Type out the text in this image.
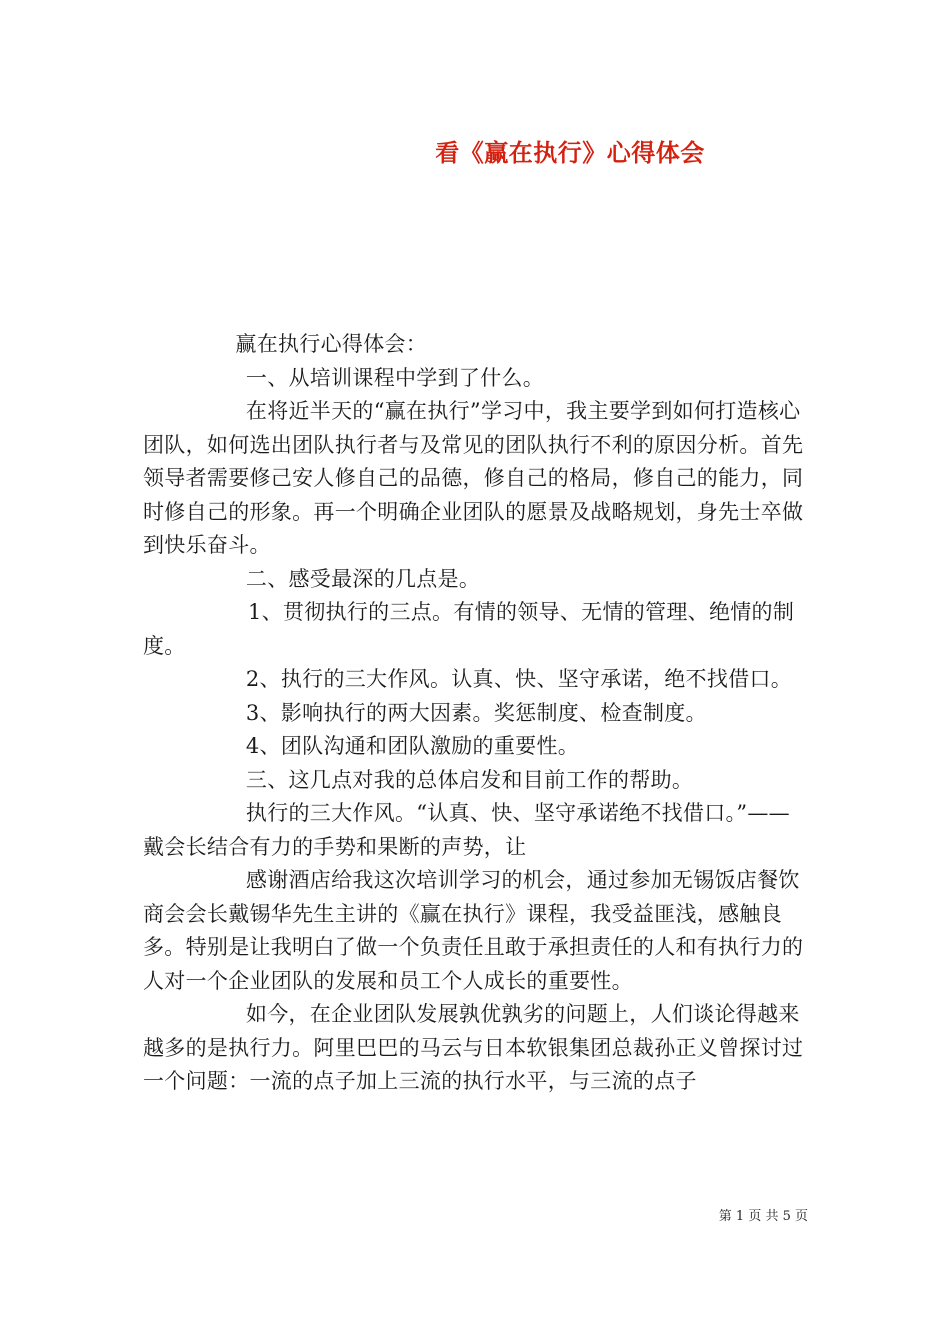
看《赢在执行》心得体会

赢在执行心得体会：

一、从培训课程中学到了什么。

在将近半天的“赢在执行”学习中，我主要学到如何打造核心团队，如何选出团队执行者与及常见的团队执行不利的原因分析。首先领导者需要修己安人修自己的品德，修自己的格局，修自己的能力，同时修自己的形象。再一个明确企业团队的愿景及战略规划，身先士卒做到快乐奋斗。

二、感受最深的几点是。

1、贯彻执行的三点。有情的领导、无情的管理、绝情的制度。

2、执行的三大作风。认真、快、坚守承诺，绝不找借口。

3、影响执行的两大因素。奖惩制度、检查制度。

4、团队沟通和团队激励的重要性。

三、这几点对我的总体启发和目前工作的帮助。

执行的三大作风。“认真、快、坚守承诺绝不找借口。”——戴会长结合有力的手势和果断的声势，让

感谢酒店给我这次培训学习的机会，通过参加无锡饭店餐饮商会会长戴锡华先生主讲的《赢在执行》课程，我受益匪浅，感触良多。特别是让我明白了做一个负责任且敢于承担责任的人和有执行力的人对一个企业团队的发展和员工个人成长的重要性。

如今，在企业团队发展孰优孰劣的问题上，人们谈论得越来越多的是执行力。阿里巴巴的马云与日本软银集团总裁孙正义曾探讨过一个问题：一流的点子加上三流的执行水平，与三流的点子

第 1 页 共 5 页
